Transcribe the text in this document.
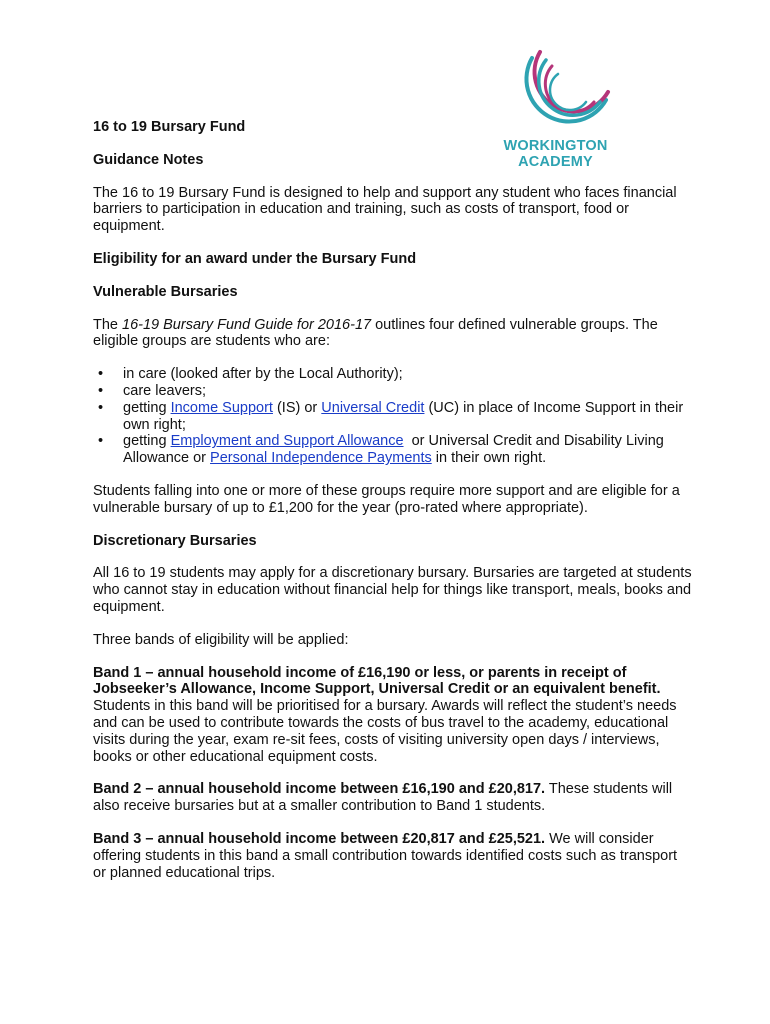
WORKINGTON
ACADEMY

16 to 19 Bursary Fund

Guidance Notes

The 16 to 19 Bursary Fund is designed to help and support any student who faces financial barriers to participation in education and training, such as costs of transport, food or equipment.

Eligibility for an award under the Bursary Fund

Vulnerable Bursaries

The 16-19 Bursary Fund Guide for 2016-17 outlines four defined vulnerable groups. The eligible groups are students who are:

• in care (looked after by the Local Authority);
• care leavers;
• getting Income Support (IS) or Universal Credit (UC) in place of Income Support in their own right;
• getting Employment and Support Allowance  or Universal Credit and Disability Living Allowance or Personal Independence Payments in their own right.

Students falling into one or more of these groups require more support and are eligible for a vulnerable bursary of up to £1,200 for the year (pro-rated where appropriate).

Discretionary Bursaries

All 16 to 19 students may apply for a discretionary bursary. Bursaries are targeted at students who cannot stay in education without financial help for things like transport, meals, books and equipment.

Three bands of eligibility will be applied:

Band 1 – annual household income of £16,190 or less, or parents in receipt of Jobseeker’s Allowance, Income Support, Universal Credit or an equivalent benefit. Students in this band will be prioritised for a bursary. Awards will reflect the student’s needs and can be used to contribute towards the costs of bus travel to the academy, educational visits during the year, exam re-sit fees, costs of visiting university open days / interviews, books or other educational equipment costs.

Band 2 – annual household income between £16,190 and £20,817. These students will also receive bursaries but at a smaller contribution to Band 1 students.

Band 3 – annual household income between £20,817 and £25,521. We will consider offering students in this band a small contribution towards identified costs such as transport or planned educational trips.
